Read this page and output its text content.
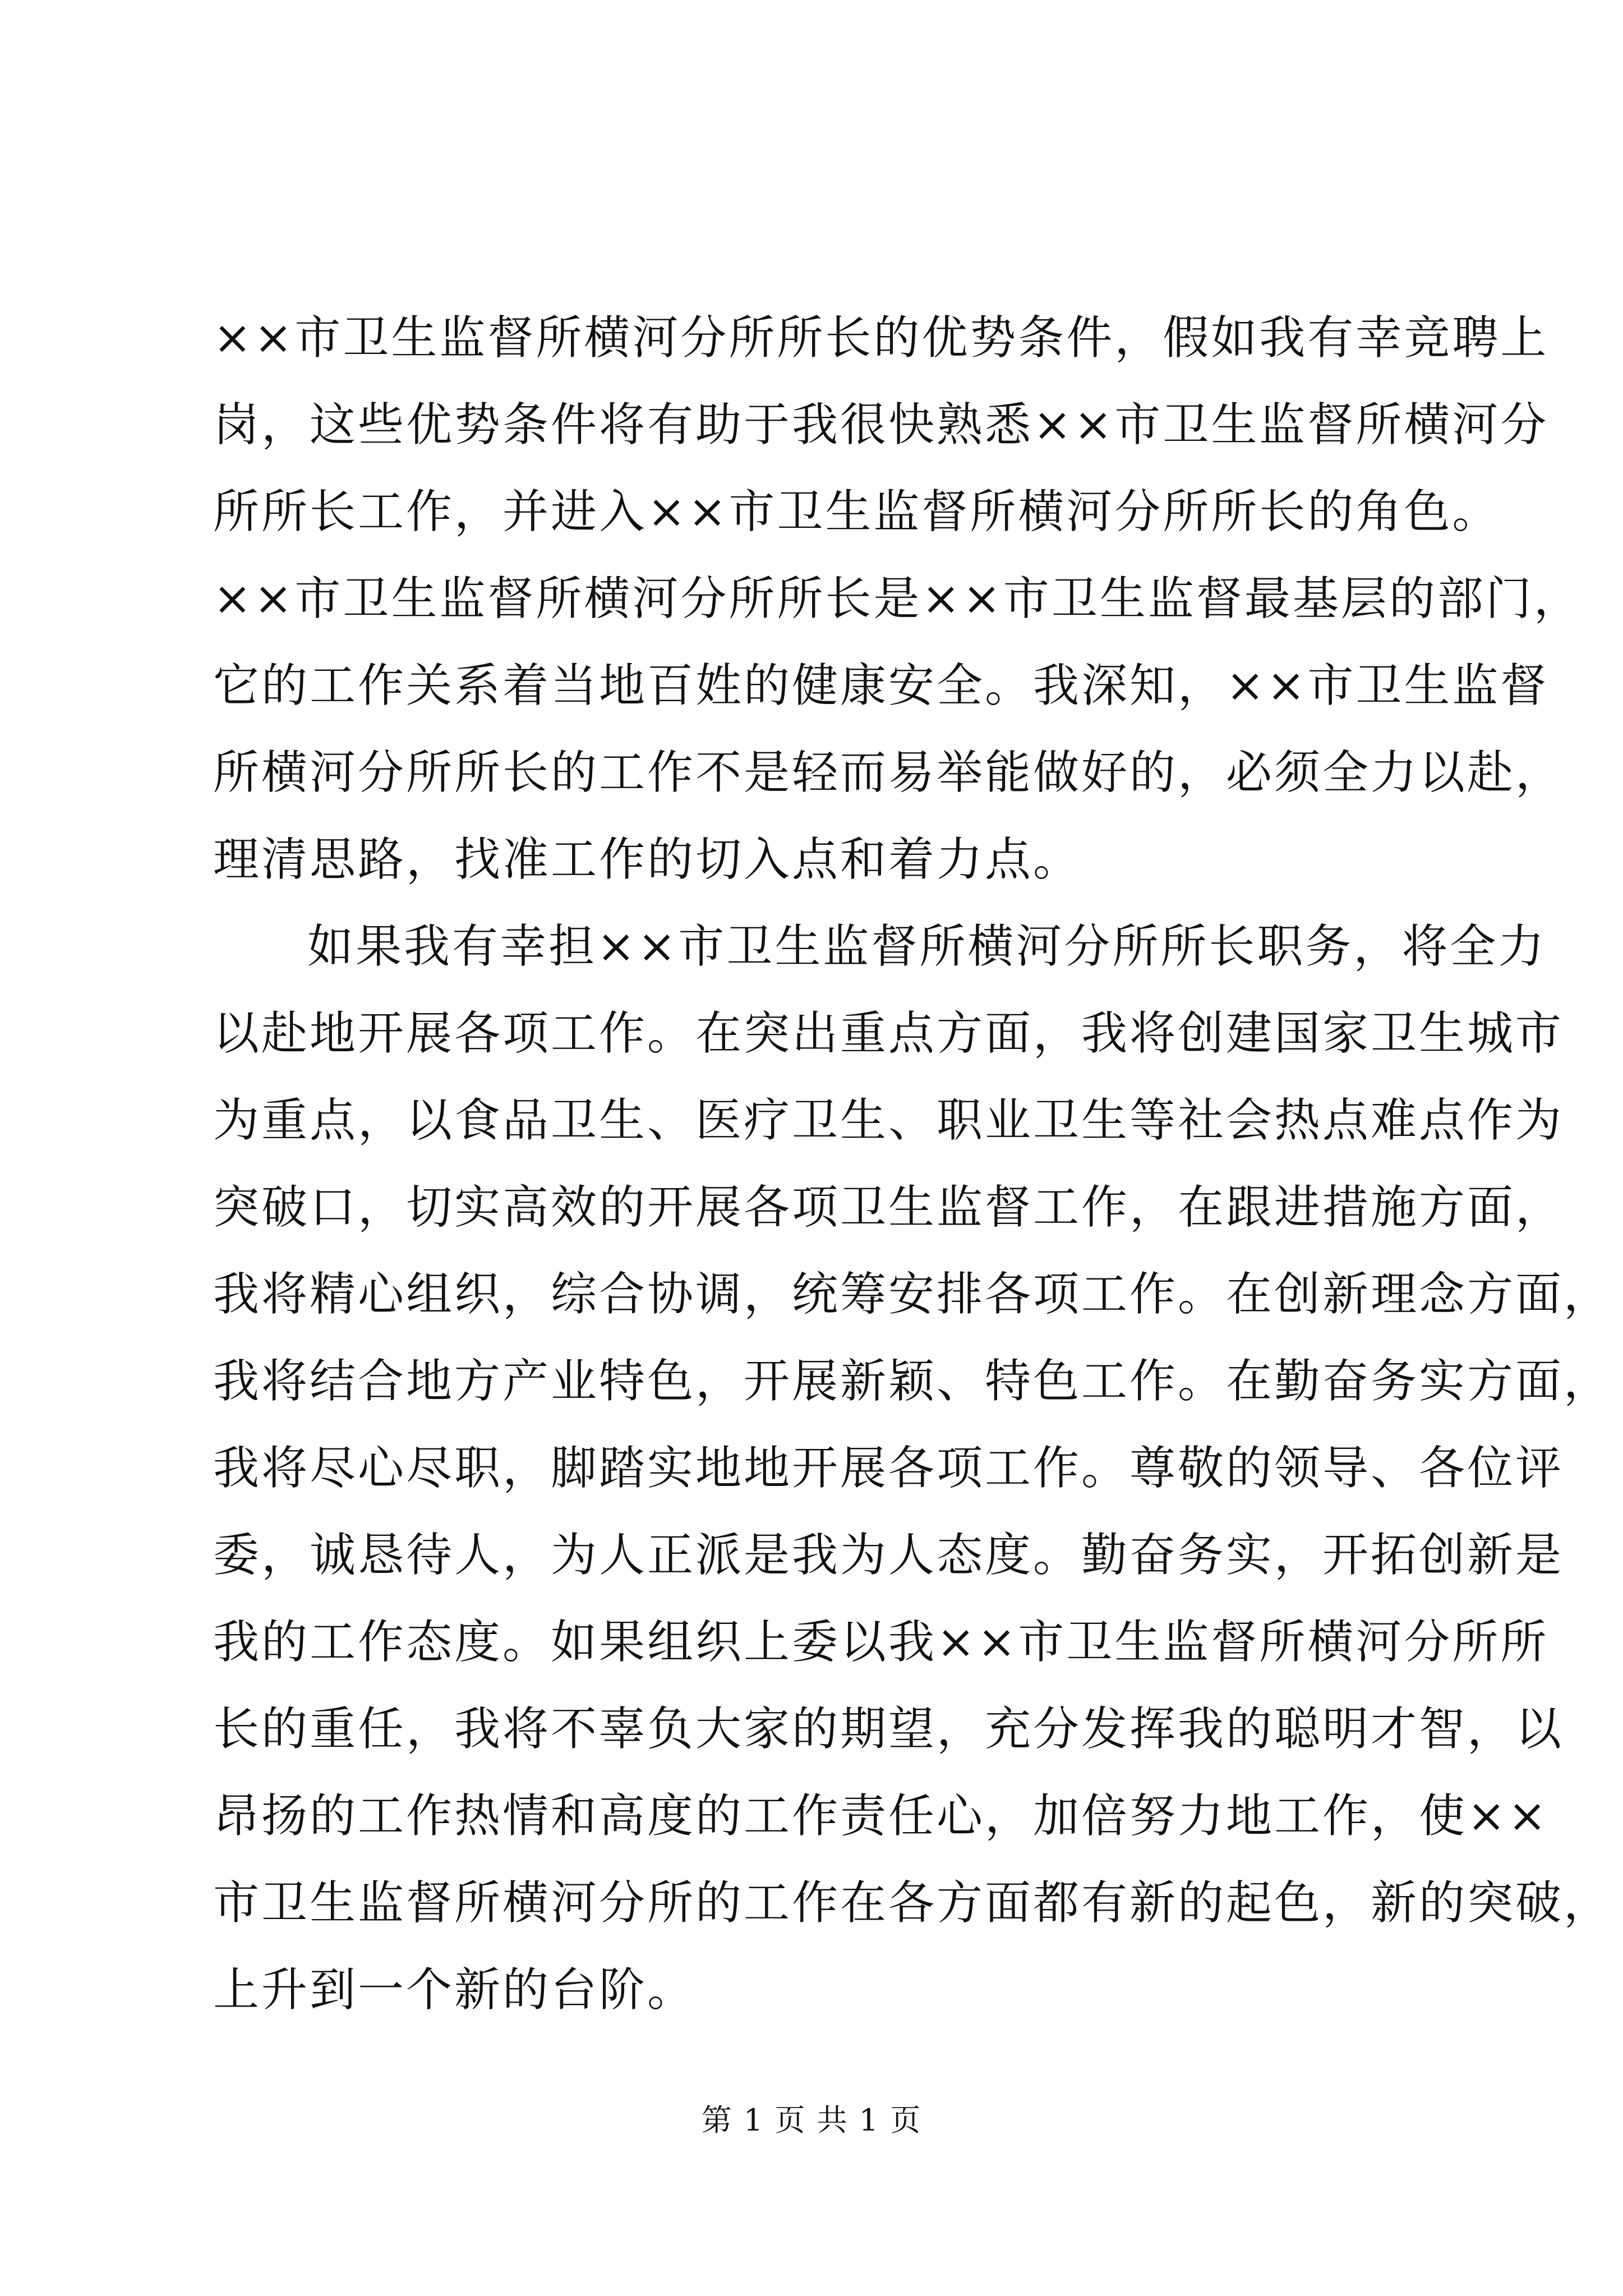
××市卫生监督所横河分所所长的优势条件，假如我有幸竞聘上
岗，这些优势条件将有助于我很快熟悉××市卫生监督所横河分
所所长工作，并进入××市卫生监督所横河分所所长的角色。
××市卫生监督所横河分所所长是××市卫生监督最基层的部门，
它的工作关系着当地百姓的健康安全。我深知，××市卫生监督
所横河分所所长的工作不是轻而易举能做好的，必须全力以赴，
理清思路，找准工作的切入点和着力点。
如果我有幸担××市卫生监督所横河分所所长职务，将全力
以赴地开展各项工作。在突出重点方面，我将创建国家卫生城市
为重点，以食品卫生、医疗卫生、职业卫生等社会热点难点作为
突破口，切实高效的开展各项卫生监督工作，在跟进措施方面，
我将精心组织，综合协调，统筹安排各项工作。在创新理念方面，
我将结合地方产业特色，开展新颖、特色工作。在勤奋务实方面，
我将尽心尽职，脚踏实地地开展各项工作。尊敬的领导、各位评
委，诚恳待人，为人正派是我为人态度。勤奋务实，开拓创新是
我的工作态度。如果组织上委以我××市卫生监督所横河分所所
长的重任，我将不辜负大家的期望，充分发挥我的聪明才智，以
昂扬的工作热情和高度的工作责任心，加倍努力地工作，使××
市卫生监督所横河分所的工作在各方面都有新的起色，新的突破，
上升到一个新的台阶。
第 1 页 共 1 页
